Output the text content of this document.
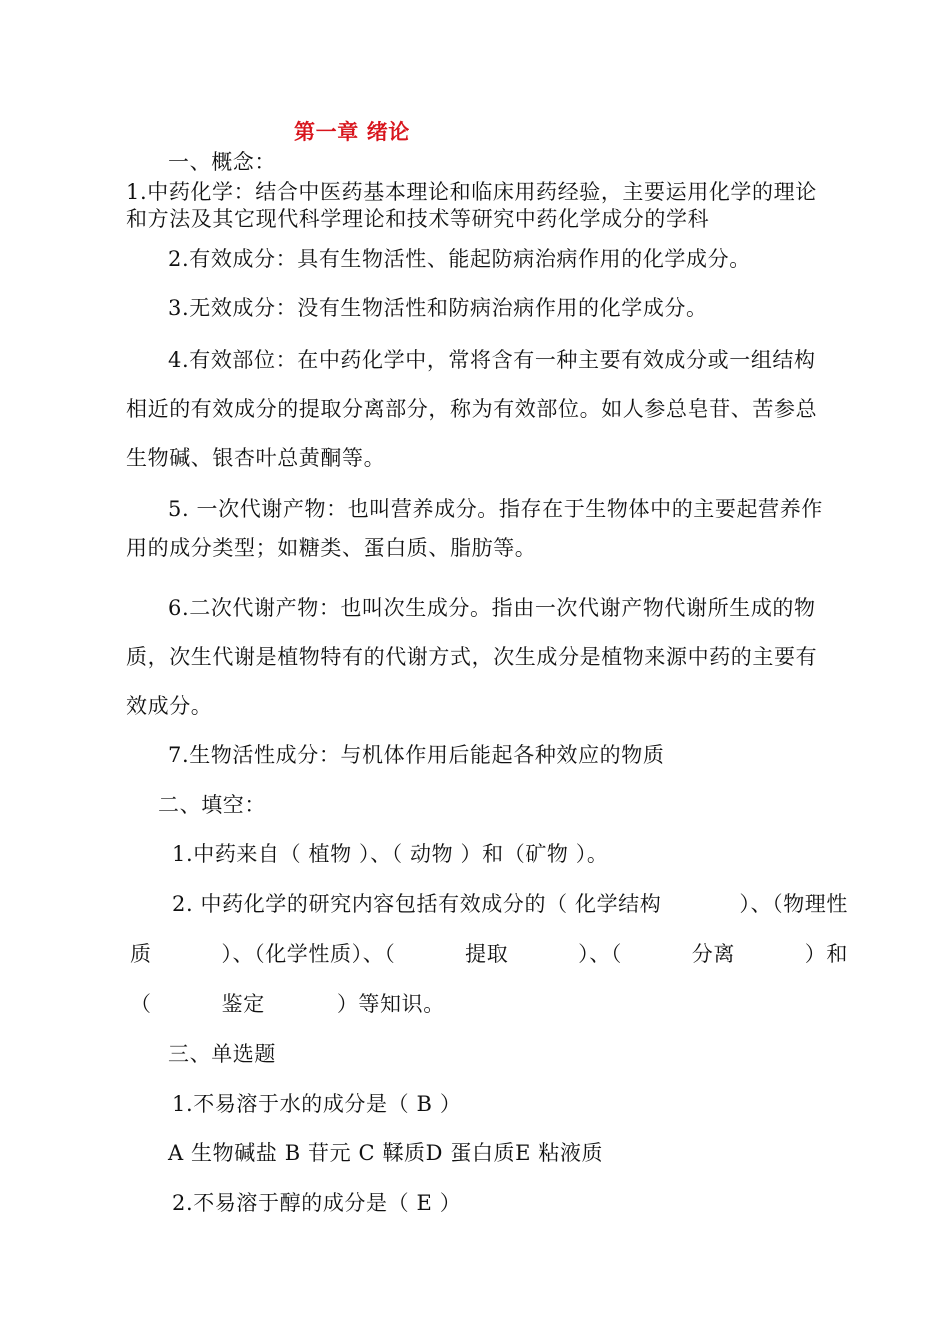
第一章 绪论
一、概念：
1.中药化学：结合中医药基本理论和临床用药经验，主要运用化学的理论
和方法及其它现代科学理论和技术等研究中药化学成分的学科
2.有效成分：具有生物活性、能起防病治病作用的化学成分。
3.无效成分：没有生物活性和防病治病作用的化学成分。
4.有效部位：在中药化学中，常将含有一种主要有效成分或一组结构
相近的有效成分的提取分离部分，称为有效部位。如人参总皂苷、苦参总
生物碱、银杏叶总黄酮等。
5. 一次代谢产物：也叫营养成分。指存在于生物体中的主要起营养作
用的成分类型；如糖类、蛋白质、脂肪等。
6.二次代谢产物：也叫次生成分。指由一次代谢产物代谢所生成的物
质，次生代谢是植物特有的代谢方式，次生成分是植物来源中药的主要有
效成分。
7.生物活性成分：与机体作用后能起各种效应的物质
二、填空：
1.中药来自（ 植物 ）、（ 动物 ）和（矿物 ）。
2. 中药化学的研究内容包括有效成分的（ 化学结构	）、（物理性
质	）、（化学性质）、（	提取	）、（	分离	）和
（	鉴定	）等知识。
三、单选题
1.不易溶于水的成分是（ B ）
A 生物碱盐 B 苷元 C 鞣质D 蛋白质E 粘液质
2.不易溶于醇的成分是（ E ）
